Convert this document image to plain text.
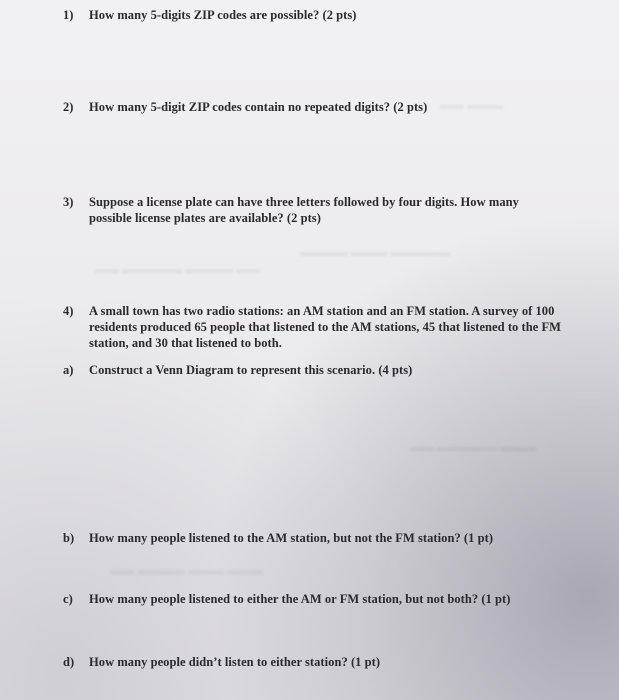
▬▬ ▬▬▬
▬▬▬▬ ▬▬▬ ▬▬▬▬▬
▬▬ ▬▬▬▬▬ ▬▬▬▬ ▬▬
▬▬ ▬▬▬▬▬ ▬▬▬
▬▬ ▬▬▬▬ ▬▬▬ ▬▬▬
1) How many 5-digits ZIP codes are possible? (2 pts)
2) How many 5-digit ZIP codes contain no repeated digits? (2 pts)
3) Suppose a license plate can have three letters followed by four digits. How many
possible license plates are available? (2 pts)
4) A small town has two radio stations: an AM station and an FM station. A survey of 100
residents produced 65 people that listened to the AM stations, 45 that listened to the FM
station, and 30 that listened to both.
a) Construct a Venn Diagram to represent this scenario. (4 pts)
b) How many people listened to the AM station, but not the FM station? (1 pt)
c) How many people listened to either the AM or FM station, but not both? (1 pt)
d) How many people didn’t listen to either station? (1 pt)
